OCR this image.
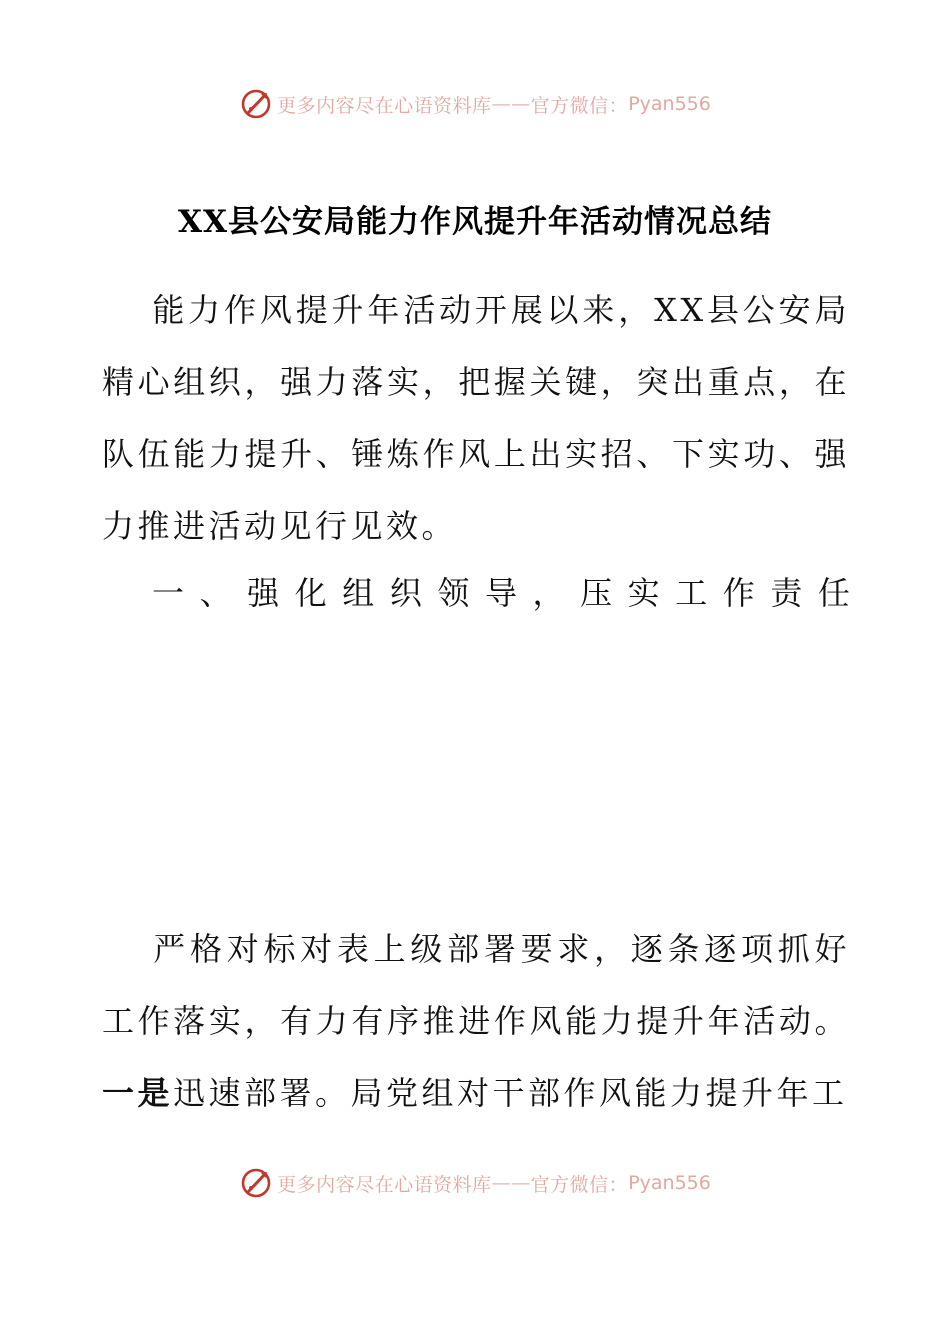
更多内容尽在心语资料库 —— 官方微信： Pyan556
XX县公安局能力作风提升年活动情况总结
能力作风提升年活动开展以来，XX县公安局精心组织，强力落实，把握关键，突出重点，在队伍能力提升、锤炼作风上出实招、下实功、强力推进活动见行见效。
一 、 强 化 组 织 领 导 ， 压 实 工 作 责 任
严格对标对表上级部署要求，逐条逐项抓好工作落实，有力有序推进作风能力提升年活动。一是迅速部署。局党组对干部作风能力提升年工
更多内容尽在心语资料库 —— 官方微信： Pyan556
